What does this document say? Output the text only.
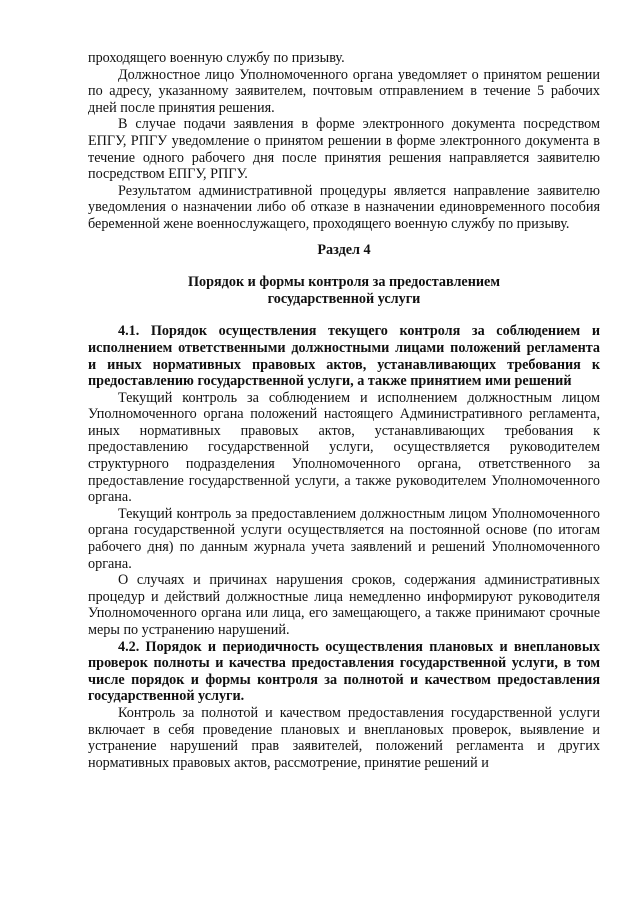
проходящего военную службу по призыву.

Должностное лицо Уполномоченного органа уведомляет о принятом решении по адресу, указанному заявителем, почтовым отправлением в течение 5 рабочих дней после принятия решения.

В случае подачи заявления в форме электронного документа посредством ЕПГУ, РПГУ уведомление о принятом решении в форме электронного документа в течение одного рабочего дня после принятия решения направляется заявителю посредством ЕПГУ, РПГУ.

Результатом административной процедуры является направление заявителю уведомления о назначении либо об отказе в назначении единовременного пособия беременной жене военнослужащего, проходящего военную службу по призыву.

Раздел 4

Порядок и формы контроля за предоставлением

государственной услуги

4.1. Порядок осуществления текущего контроля за соблюдением и исполнением ответственными должностными лицами положений регламента и иных нормативных правовых актов, устанавливающих требования к предоставлению государственной услуги, а также принятием ими решений

Текущий контроль за соблюдением и исполнением должностным лицом Уполномоченного органа положений настоящего Административного регламента, иных нормативных правовых актов, устанавливающих требования к предоставлению государственной услуги, осуществляется руководителем структурного подразделения Уполномоченного органа, ответственного за предоставление государственной услуги, а также руководителем Уполномоченного органа.

Текущий контроль за предоставлением должностным лицом Уполномоченного органа государственной услуги осуществляется на постоянной основе (по итогам рабочего дня) по данным журнала учета заявлений и решений Уполномоченного органа.

О случаях и причинах нарушения сроков, содержания административных процедур и действий должностные лица немедленно информируют руководителя Уполномоченного органа или лица, его замещающего, а также принимают срочные меры по устранению нарушений.

4.2. Порядок и периодичность осуществления плановых и внеплановых проверок полноты и качества предоставления государственной услуги, в том числе порядок и формы контроля за полнотой и качеством предоставления государственной услуги.

Контроль за полнотой и качеством предоставления государственной услуги включает в себя проведение плановых и внеплановых проверок, выявление и устранение нарушений прав заявителей, положений регламента и других нормативных правовых актов, рассмотрение, принятие решений и
